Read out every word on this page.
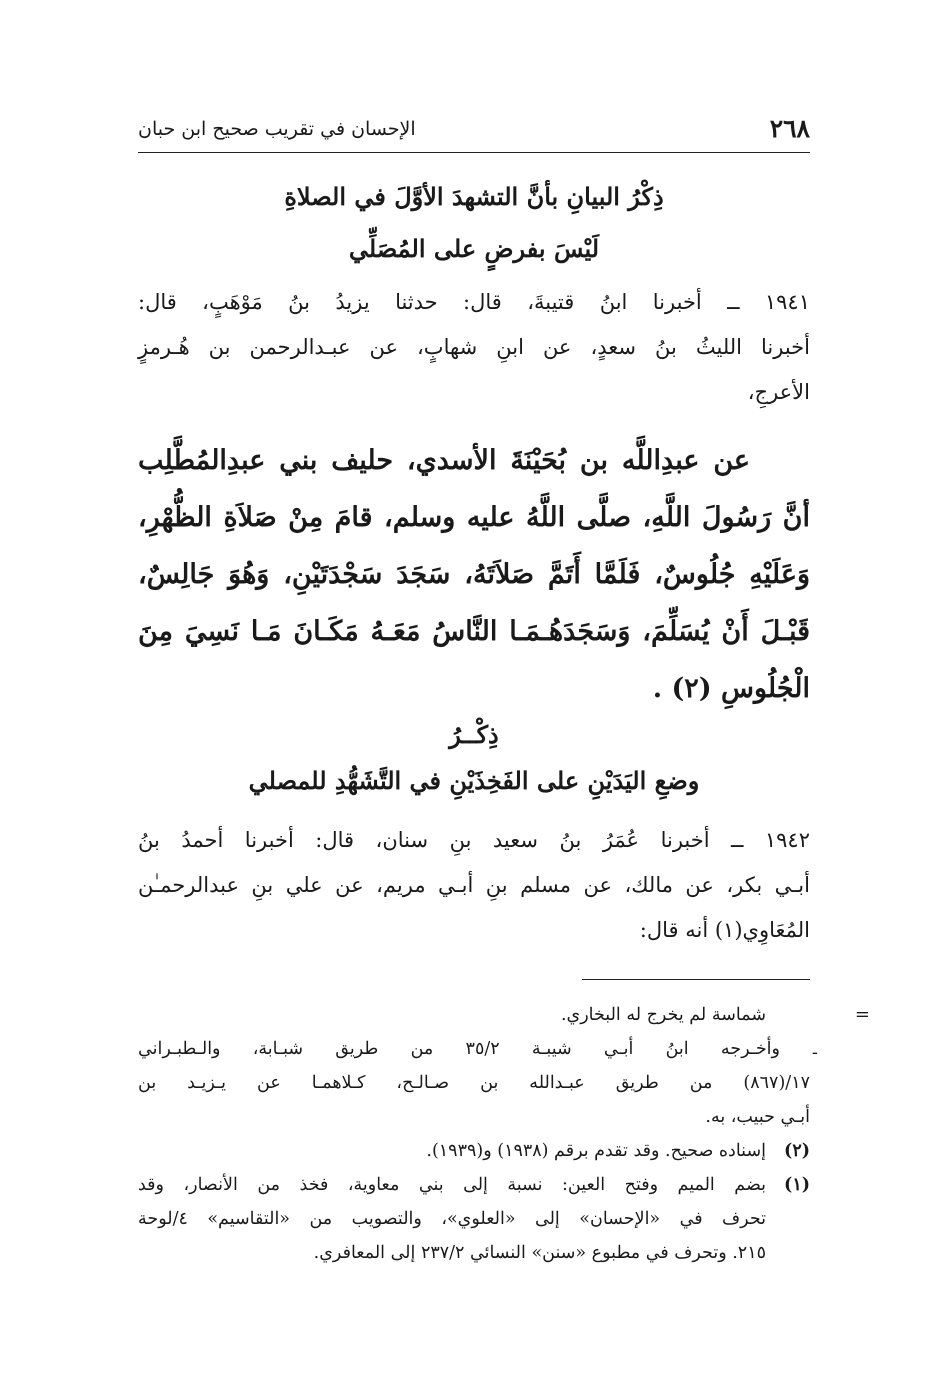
٢٦٨
الإحسان في تقريب صحيح ابن حبان
ذِكْرُ البيانِ بأنَّ التشهدَ الأوَّلَ في الصلاةِ
لَيْسَ بفرضٍ على المُصَلِّي
١٩٤١ ــ أخبرنا ابنُ قتيبةَ، قال: حدثنا يزيدُ بنُ مَوْهَبٍ، قال:
أخبرنا الليثُ بنُ سعدٍ، عن ابنِ شهابٍ، عن عبـدالرحمن بن هُـرمزٍ
الأعرجِ،
عن عبدِاللَّه بن بُحَيْنَةَ الأسدي، حليف بني عبدِالمُطَّلِب
أنَّ رَسُولَ اللَّهِ، صلَّى اللَّهُ عليه وسلم، قامَ مِنْ صَلاَةِ الظُّهْرِ،
وَعَلَيْهِ جُلُوسٌ، فَلَمَّا أَتَمَّ صَلاَتَهُ، سَجَدَ سَجْدَتَيْنِ، وَهُوَ جَالِسٌ،
قَبْـلَ أَنْ يُسَلِّمَ، وَسَجَدَهُـمَـا النَّاسُ مَعَـهُ مَكَـانَ مَـا نَسِيَ مِنَ
الْجُلُوسِ (٢) .
ذِكْــرُ
وضعِ اليَدَيْنِ على الفَخِذَيْنِ في التَّشَهُّدِ للمصلي
١٩٤٢ ــ أخبرنا عُمَرُ بنُ سعيد بنِ سنان، قال: أخبرنا أحمدُ بنُ
أبـي بكر، عن مالك، عن مسلم بنِ أبـي مريم، عن علي بنِ عبدالرحمـٰن
المُعَاوِي(١) أنه قال:
=
-
شماسة لم يخرج له البخاري.
وأخـرجه ابنُ أبـي شيبـة ٣٥/٢ من طريق شبـابة، والـطبـراني
١٧/(٨٦٧) من طريق عبـدالله بن صـالـح، كـلاهمـا عن يـزيـد بن
أبـي حبيب، به.
(٢)إسناده صحيح. وقد تقدم برقم (١٩٣٨) و(١٩٣٩).
(١)بضم الميم وفتح العين: نسبة إلى بني معاوية، فخذ من الأنصار، وقد
تحرف في «الإحسان» إلى «العلوي»، والتصويب من «التقاسيم» ٤/لوحة
٢١٥. وتحرف في مطبوع «سنن» النسائي ٢٣٧/٢ إلى المعافري.
